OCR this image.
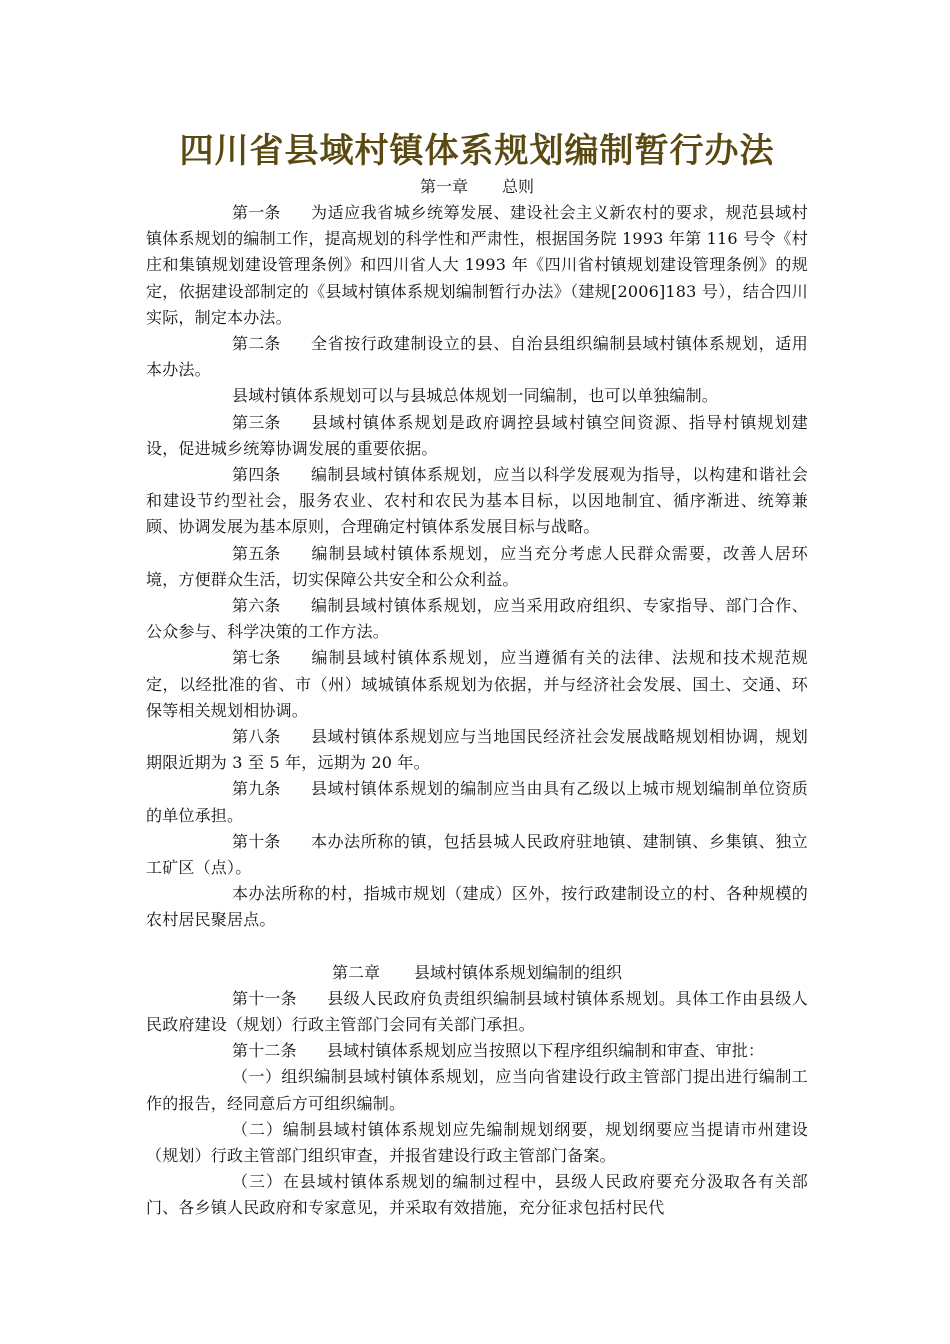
四川省县域村镇体系规划编制暂行办法

第一章 总则

第一条 为适应我省城乡统筹发展、建设社会主义新农村的要求，规范县域村镇体系规划的编制工作，提高规划的科学性和严肃性，根据国务院 1993 年第 116 号令《村庄和集镇规划建设管理条例》和四川省人大 1993 年《四川省村镇规划建设管理条例》的规定，依据建设部制定的《县域村镇体系规划编制暂行办法》（建规[2006]183 号），结合四川实际，制定本办法。

第二条 全省按行政建制设立的县、自治县组织编制县域村镇体系规划，适用本办法。

县域村镇体系规划可以与县城总体规划一同编制，也可以单独编制。

第三条 县域村镇体系规划是政府调控县域村镇空间资源、指导村镇规划建设，促进城乡统筹协调发展的重要依据。

第四条 编制县域村镇体系规划，应当以科学发展观为指导，以构建和谐社会和建设节约型社会，服务农业、农村和农民为基本目标，以因地制宜、循序渐进、统筹兼顾、协调发展为基本原则，合理确定村镇体系发展目标与战略。

第五条 编制县域村镇体系规划，应当充分考虑人民群众需要，改善人居环境，方便群众生活，切实保障公共安全和公众利益。

第六条 编制县域村镇体系规划，应当采用政府组织、专家指导、部门合作、公众参与、科学决策的工作方法。

第七条 编制县域村镇体系规划，应当遵循有关的法律、法规和技术规范规定，以经批准的省、市（州）域城镇体系规划为依据，并与经济社会发展、国土、交通、环保等相关规划相协调。

第八条 县域村镇体系规划应与当地国民经济社会发展战略规划相协调，规划期限近期为 3 至 5 年，远期为 20 年。

第九条 县域村镇体系规划的编制应当由具有乙级以上城市规划编制单位资质的单位承担。

第十条 本办法所称的镇，包括县城人民政府驻地镇、建制镇、乡集镇、独立工矿区（点）。

本办法所称的村，指城市规划（建成）区外，按行政建制设立的村、各种规模的农村居民聚居点。

第二章 县域村镇体系规划编制的组织

第十一条 县级人民政府负责组织编制县域村镇体系规划。具体工作由县级人民政府建设（规划）行政主管部门会同有关部门承担。

第十二条 县域村镇体系规划应当按照以下程序组织编制和审查、审批：

（一）组织编制县域村镇体系规划，应当向省建设行政主管部门提出进行编制工作的报告，经同意后方可组织编制。

（二）编制县域村镇体系规划应先编制规划纲要，规划纲要应当提请市州建设（规划）行政主管部门组织审查，并报省建设行政主管部门备案。

（三）在县域村镇体系规划的编制过程中，县级人民政府要充分汲取各有关部门、各乡镇人民政府和专家意见，并采取有效措施，充分征求包括村民代
